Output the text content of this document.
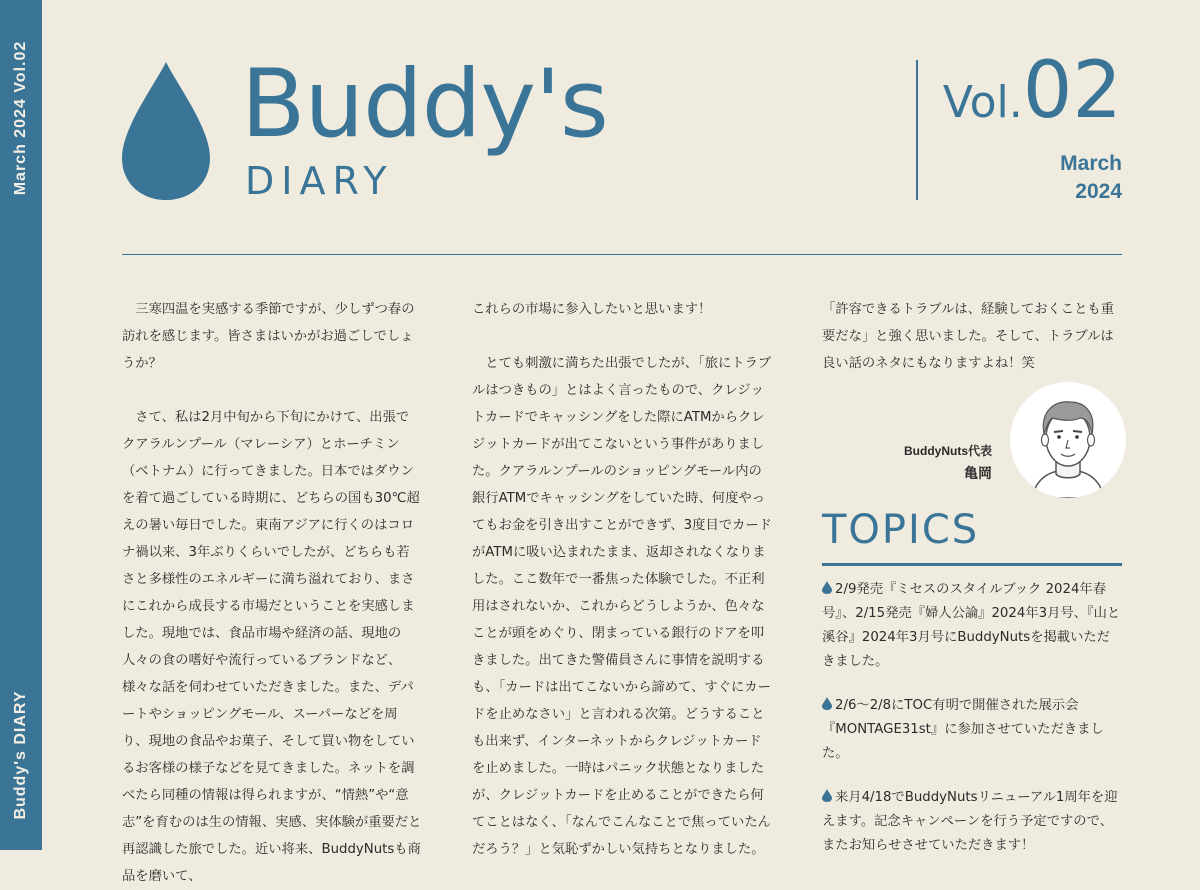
March 2024 Vol.02
Buddy's DIARY
Buddy's
DIARY
Vol.02
March
2024

三寒四温を実感する季節ですが、少しずつ春の訪れを感じます。皆さまはいかがお過ごしでしょうか？

さて、私は2月中旬から下旬にかけて、出張でクアラルンプール（マレーシア）とホーチミン（ベトナム）に行ってきました。日本ではダウンを着て過ごしている時期に、どちらの国も30℃超えの暑い毎日でした。東南アジアに行くのはコロナ禍以来、3年ぶりくらいでしたが、どちらも若さと多様性のエネルギーに満ち溢れており、まさにこれから成長する市場だということを実感しました。現地では、食品市場や経済の話、現地の人々の食の嗜好や流行っているブランドなど、様々な話を伺わせていただきました。また、デパートやショッピングモール、スーパーなどを周り、現地の食品やお菓子、そして買い物をしているお客様の様子などを見てきました。ネットを調べたら同種の情報は得られますが、“情熱”や“意志”を育むのは生の情報、実感、実体験が重要だと再認識した旅でした。近い将来、BuddyNutsも商品を磨いて、

これらの市場に参入したいと思います！

とても刺激に満ちた出張でしたが、「旅にトラブルはつきもの」とはよく言ったもので、クレジットカードでキャッシングをした際にATMからクレジットカードが出てこないという事件がありました。クアラルンプールのショッピングモール内の銀行ATMでキャッシングをしていた時、何度やってもお金を引き出すことができず、3度目でカードがATMに吸い込まれたまま、返却されなくなりました。ここ数年で一番焦った体験でした。不正利用はされないか、これからどうしようか、色々なことが頭をめぐり、閉まっている銀行のドアを叩きました。出てきた警備員さんに事情を説明するも、「カードは出てこないから諦めて、すぐにカードを止めなさい」と言われる次第。どうすることも出来ず、インターネットからクレジットカードを止めました。一時はパニック状態となりましたが、クレジットカードを止めることができたら何てことはなく、「なんでこんなことで焦っていたんだろう？」と気恥ずかしい気持ちとなりました。

「許容できるトラブルは、経験しておくことも重要だな」と強く思いました。そして、トラブルは良い話のネタにもなりますよね！笑

BuddyNuts代表
亀岡
TOPICS
2/9発売『ミセスのスタイルブック 2024年春号』、2/15発売『婦人公論』2024年3月号、『山と溪谷』2024年3月号にBuddyNutsを掲載いただきました。
2/6～2/8にTOC有明で開催された展示会『MONTAGE31st』に参加させていただきました。
来月4/18でBuddyNutsリニューアル1周年を迎えます。記念キャンペーンを行う予定ですので、またお知らせさせていただきます！
